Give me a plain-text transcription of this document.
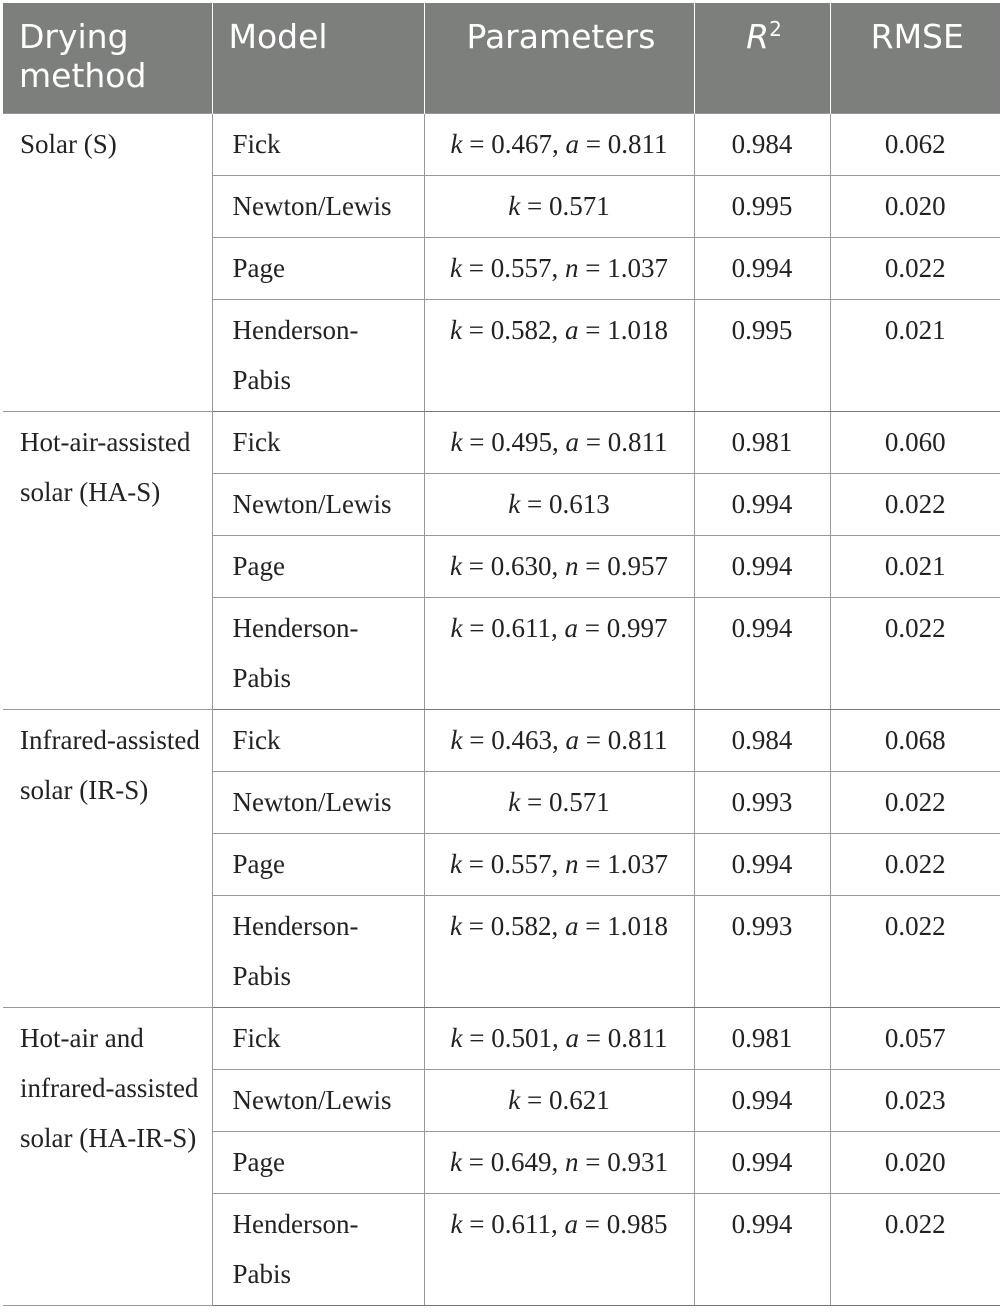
Drying method	Model	Parameters	$R^2$	RMSE
Solar (S)	Fick	k = 0.467, a = 0.811	0.984	0.062
	Newton/Lewis	k = 0.571	0.995	0.020
	Page	k = 0.557, n = 1.037	0.994	0.022
	Henderson-Pabis	k = 0.582, a = 1.018	0.995	0.021
Hot-air-assisted solar (HA-S)	Fick	k = 0.495, a = 0.811	0.981	0.060
	Newton/Lewis	k = 0.613	0.994	0.022
	Page	k = 0.630, n = 0.957	0.994	0.021
	Henderson-Pabis	k = 0.611, a = 0.997	0.994	0.022
Infrared-assisted solar (IR-S)	Fick	k = 0.463, a = 0.811	0.984	0.068
	Newton/Lewis	k = 0.571	0.993	0.022
	Page	k = 0.557, n = 1.037	0.994	0.022
	Henderson-Pabis	k = 0.582, a = 1.018	0.993	0.022
Hot-air and infrared-assisted solar (HA-IR-S)	Fick	k = 0.501, a = 0.811	0.981	0.057
	Newton/Lewis	k = 0.621	0.994	0.023
	Page	k = 0.649, n = 0.931	0.994	0.020
	Henderson-Pabis	k = 0.611, a = 0.985	0.994	0.022
